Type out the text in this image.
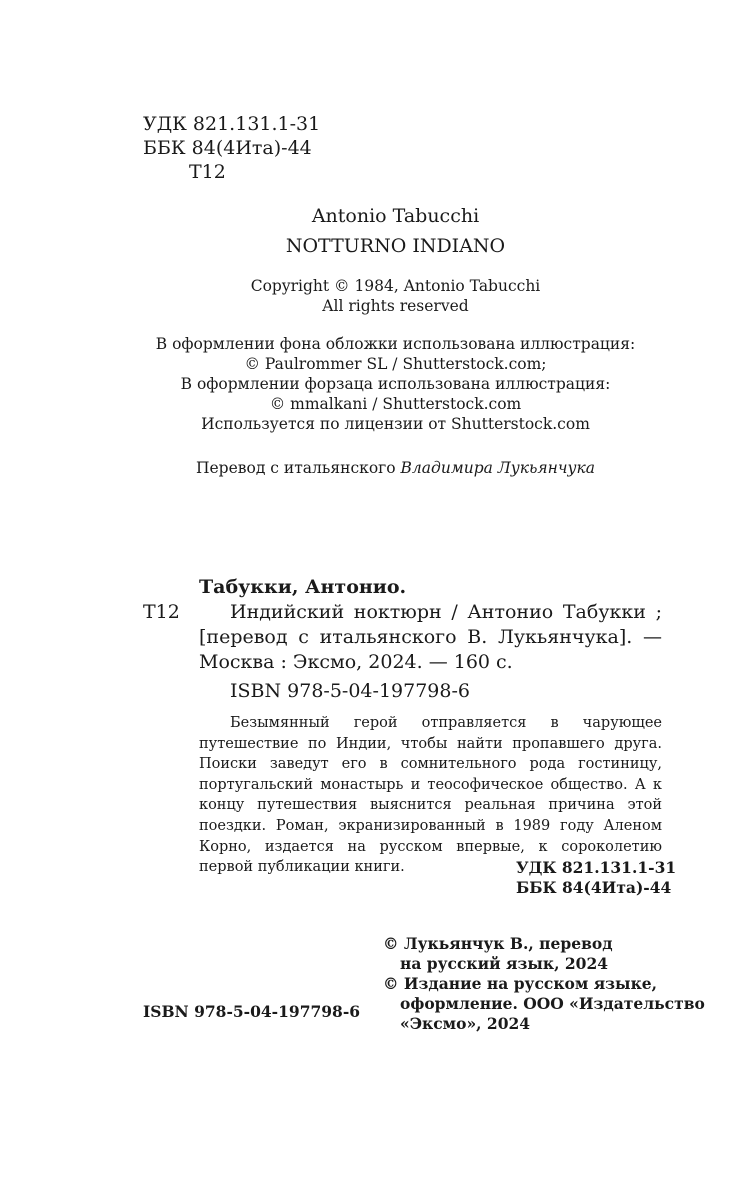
УДК 821.131.1-31
ББК 84(4Ита)-44
Т12
Antonio Tabucchi
NOTTURNO INDIANO
Copyright © 1984, Antonio Tabucchi
All rights reserved
В оформлении фона обложки использована иллюстрация:
© Paulrommer SL / Shutterstock.com;
В оформлении форзаца использована иллюстрация:
© mmalkani / Shutterstock.com
Используется по лицензии от Shutterstock.com
Перевод с итальянского Владимира Лукьянчука
Табукки, Антонио.
Т12	Индийский ноктюрн / Антонио Табукки ;
[перевод с итальянского В. Лукьянчука]. —
Москва : Эксмо, 2024. — 160 с.
ISBN 978-5-04-197798-6
Безымянный герой отправляется в чарующее путешествие по Индии, чтобы найти пропавшего друга. Поиски заведут его в сомнительного рода гостиницу, португальский монастырь и теософическое общество. А к концу путешествия выяснится реальная причина этой поездки. Роман, экранизированный в 1989 году Аленом Корно, издается на русском впервые, к сороколетию первой публикации книги.	УДК 821.131.1-31
ББК 84(4Ита)-44
ISBN 978-5-04-197798-6
© Лукьянчук В., перевод
на русский язык, 2024
© Издание на русском языке,
оформление. ООО «Издательство
«Эксмо», 2024
